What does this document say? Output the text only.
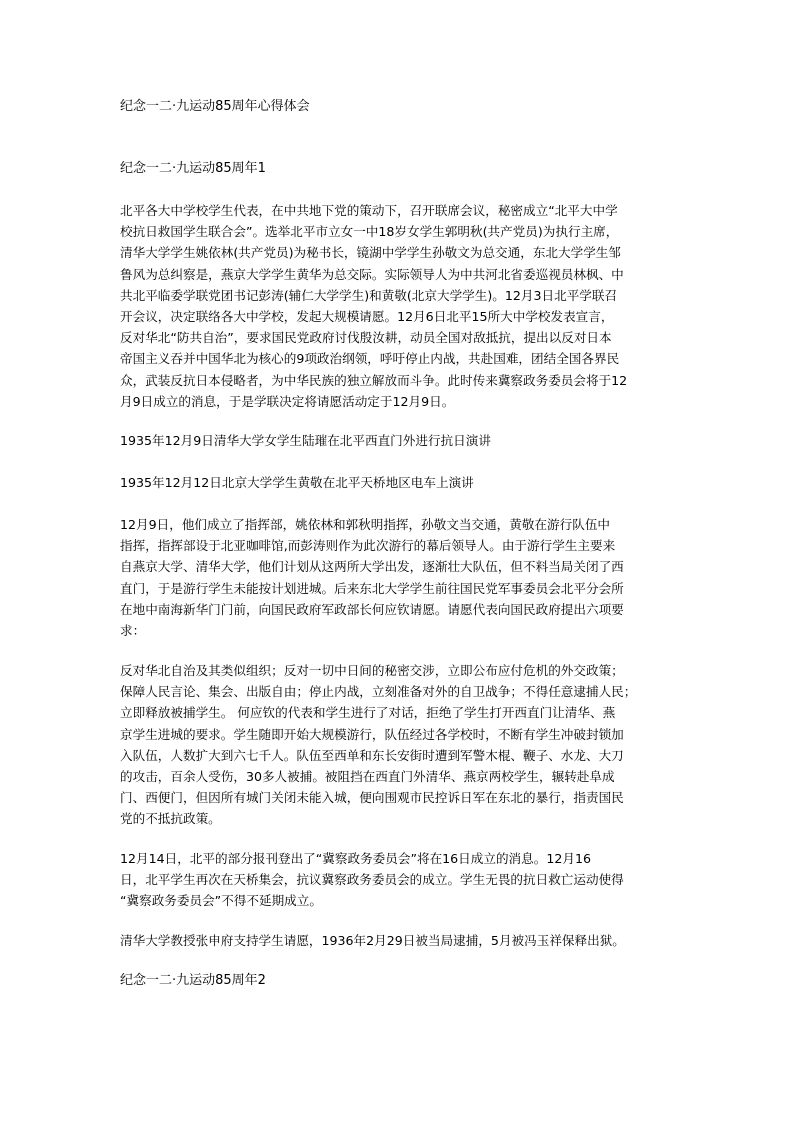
纪念一二·九运动85周年心得体会
纪念一二·九运动85周年1
北平各大中学校学生代表，在中共地下党的策动下，召开联席会议，秘密成立“北平大中学
校抗日救国学生联合会”。选举北平市立女一中18岁女学生郭明秋(共产党员)为执行主席，
清华大学学生姚依林(共产党员)为秘书长，镜湖中学学生孙敬文为总交通，东北大学学生邹
鲁风为总纠察是，燕京大学学生黄华为总交际。实际领导人为中共河北省委巡视员林枫、中
共北平临委学联党团书记彭涛(辅仁大学学生)和黄敬(北京大学学生)。12月3日北平学联召
开会议，决定联络各大中学校，发起大规模请愿。12月6日北平15所大中学校发表宣言，
反对华北“防共自治”，要求国民党政府讨伐殷汝耕，动员全国对敌抵抗，提出以反对日本
帝国主义吞并中国华北为核心的9项政治纲领，呼吁停止内战，共赴国难，团结全国各界民
众，武装反抗日本侵略者，为中华民族的独立解放而斗争。此时传来冀察政务委员会将于12
月9日成立的消息，于是学联决定将请愿活动定于12月9日。
1935年12月9日清华大学女学生陆璀在北平西直门外进行抗日演讲
1935年12月12日北京大学学生黄敬在北平天桥地区电车上演讲
12月9日，他们成立了指挥部，姚依林和郭秋明指挥，孙敬文当交通，黄敬在游行队伍中
指挥，指挥部设于北亚咖啡馆,而彭涛则作为此次游行的幕后领导人。由于游行学生主要来
自燕京大学、清华大学，他们计划从这两所大学出发，逐渐壮大队伍，但不料当局关闭了西
直门，于是游行学生未能按计划进城。后来东北大学学生前往国民党军事委员会北平分会所
在地中南海新华门门前，向国民政府军政部长何应钦请愿。请愿代表向国民政府提出六项要
求：
反对华北自治及其类似组织；反对一切中日间的秘密交涉，立即公布应付危机的外交政策；
保障人民言论、集会、出版自由；停止内战，立刻准备对外的自卫战争；不得任意逮捕人民；
立即释放被捕学生。 何应钦的代表和学生进行了对话，拒绝了学生打开西直门让清华、燕
京学生进城的要求。学生随即开始大规模游行，队伍经过各学校时，不断有学生冲破封锁加
入队伍，人数扩大到六七千人。队伍至西单和东长安街时遭到军警木棍、鞭子、水龙、大刀
的攻击，百余人受伤，30多人被捕。被阻挡在西直门外清华、燕京两校学生，辗转赴阜成
门、西便门，但因所有城门关闭未能入城，便向围观市民控诉日军在东北的暴行，指责国民
党的不抵抗政策。
12月14日，北平的部分报刊登出了“冀察政务委员会”将在16日成立的消息。12月16
日，北平学生再次在天桥集会，抗议冀察政务委员会的成立。学生无畏的抗日救亡运动使得
“冀察政务委员会”不得不延期成立。
清华大学教授张申府支持学生请愿，1936年2月29日被当局逮捕，5月被冯玉祥保释出狱。
纪念一二·九运动85周年2
